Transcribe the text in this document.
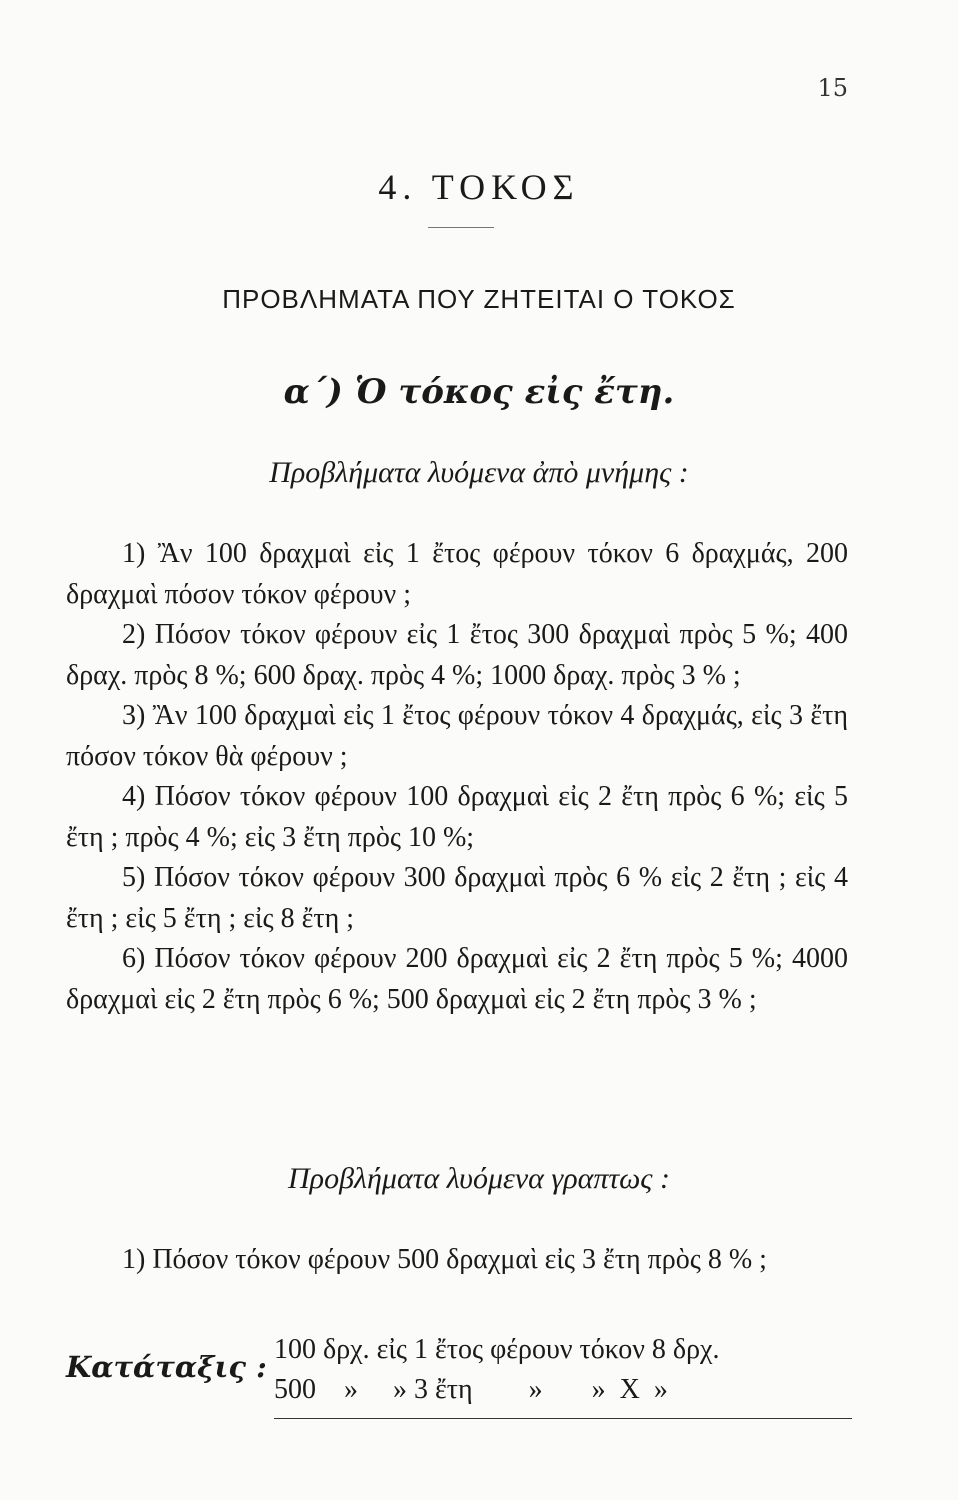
15
4. ΤΟΚΟΣ
ΠΡΟΒΛΗΜΑΤΑ ΠΟΥ ΖΗΤΕΙΤΑΙ Ο ΤΟΚΟΣ
α΄) Ὁ τόκος εἰς ἔτη.
Προβλήματα λυόμενα ἀπὸ μνήμης :
1) Ἂν 100 δραχμαὶ εἰς 1 ἔτος φέρουν τόκον 6 δραχμάς, 200 δραχμαὶ πόσον τόκον φέρουν ;
2) Πόσον τόκον φέρουν εἰς 1 ἔτος 300 δραχμαὶ πρὸς 5 %; 400 δραχ. πρὸς 8 %; 600 δραχ. πρὸς 4 %; 1000 δραχ. πρὸς 3 % ;
3) Ἂν 100 δραχμαὶ εἰς 1 ἔτος φέρουν τόκον 4 δραχμάς, εἰς 3 ἔτη πόσον τόκον θὰ φέρουν ;
4) Πόσον τόκον φέρουν 100 δραχμαὶ εἰς 2 ἔτη πρὸς 6 %; εἰς 5 ἔτη ; πρὸς 4 %; εἰς 3 ἔτη πρὸς 10 %;
5) Πόσον τόκον φέρουν 300 δραχμαὶ πρὸς 6 % εἰς 2 ἔτη ; εἰς 4 ἔτη ; εἰς 5 ἔτη ; εἰς 8 ἔτη ;
6) Πόσον τόκον φέρουν 200 δραχμαὶ εἰς 2 ἔτη πρὸς 5 %; 4000 δραχμαὶ εἰς 2 ἔτη πρὸς 6 %; 500 δραχμαὶ εἰς 2 ἔτη πρὸς 3 % ;
Προβλήματα λυόμενα γραπτως :
1) Πόσον τόκον φέρουν 500 δραχμαὶ εἰς 3 ἔτη πρὸς 8 % ;
Κατάταξις :
100 δρχ. εἰς 1 ἔτος φέρουν τόκον 8 δρχ.
500    »     » 3 ἔτη        »       »  X  »
